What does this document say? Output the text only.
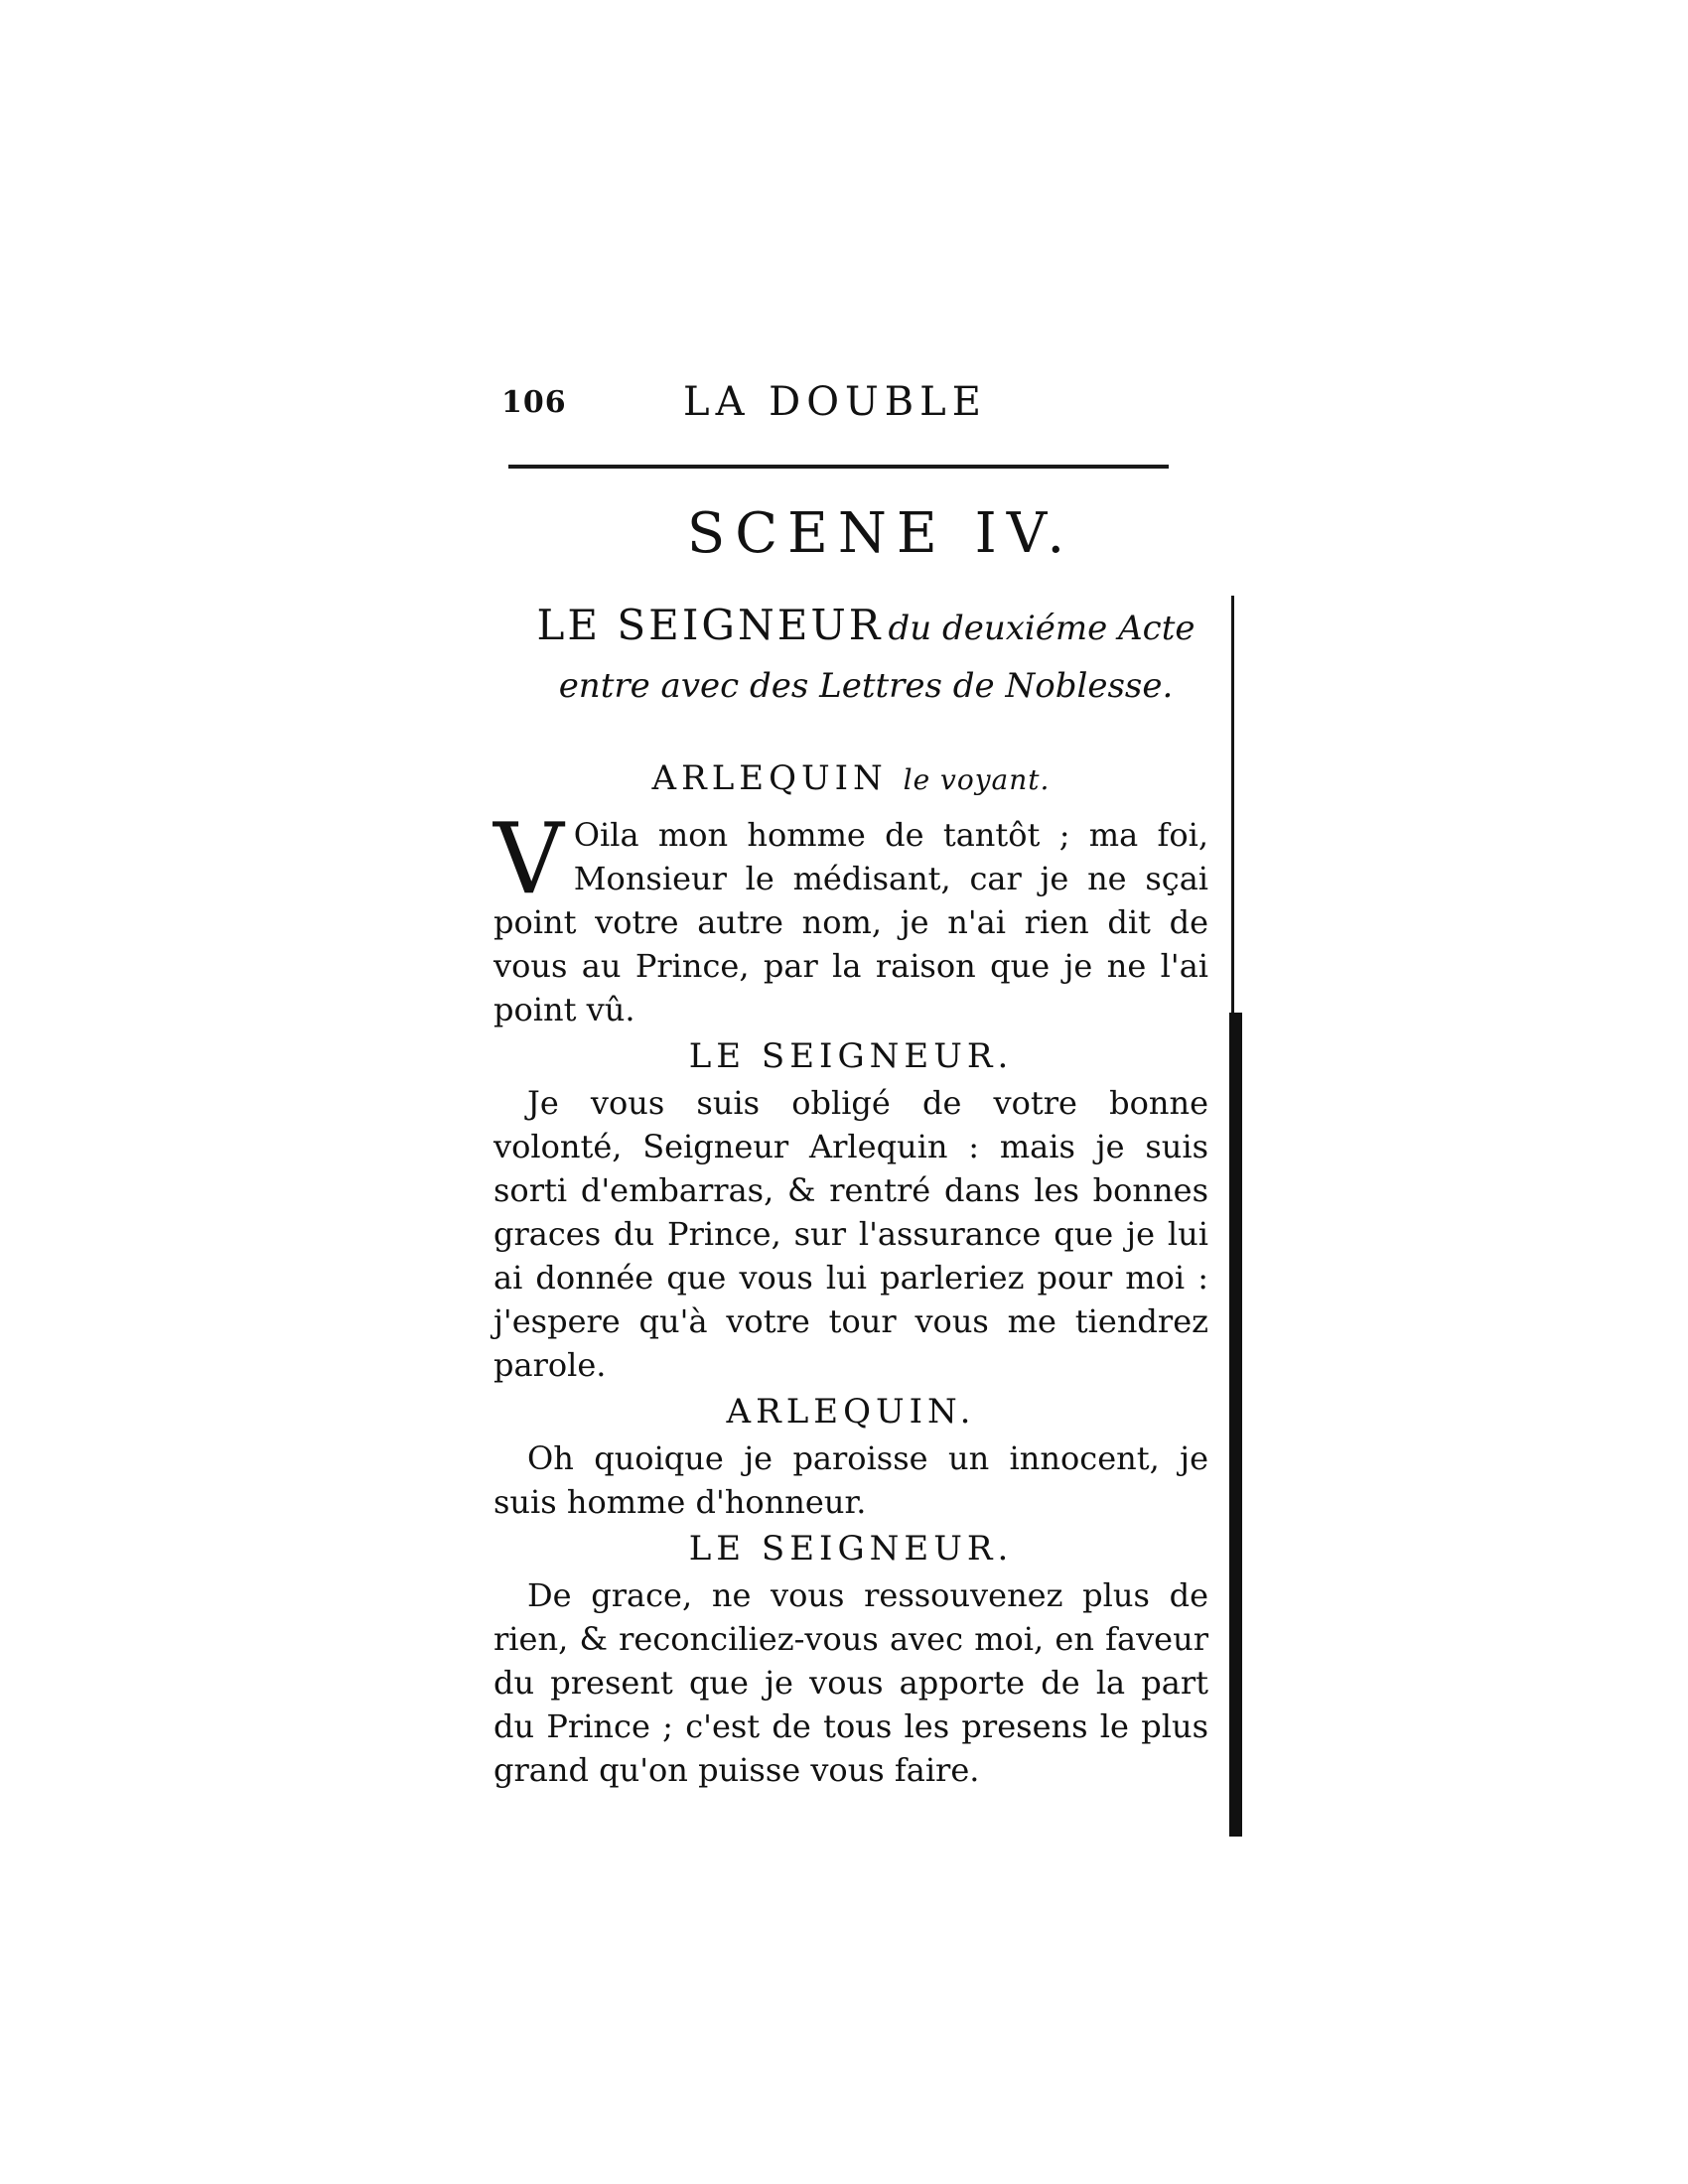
106	LA DOUBLE
SCENE IV.
LE SEIGNEUR du deuxiéme Acte
entre avec des Lettres de Noblesse.
ARLEQUIN le voyant.

V Oila mon homme de tantôt ; ma foi, Monsieur le médisant, car je ne sçai point votre autre nom, je n'ai rien dit de vous au Prince, par la raison que je ne l'ai point vû.

LE SEIGNEUR.

Je vous suis obligé de votre bonne volonté, Seigneur Arlequin : mais je suis sorti d'embarras, & rentré dans les bonnes graces du Prince, sur l'assurance que je lui ai donnée que vous lui parleriez pour moi : j'espere qu'à votre tour vous me tiendrez parole.

ARLEQUIN.

Oh quoique je paroisse un innocent, je suis homme d'honneur.

LE SEIGNEUR.

De grace, ne vous ressouvenez plus de rien, & reconciliez-vous avec moi, en faveur du present que je vous apporte de la part du Prince ; c'est de tous les presens le plus grand qu'on puisse vous faire.
